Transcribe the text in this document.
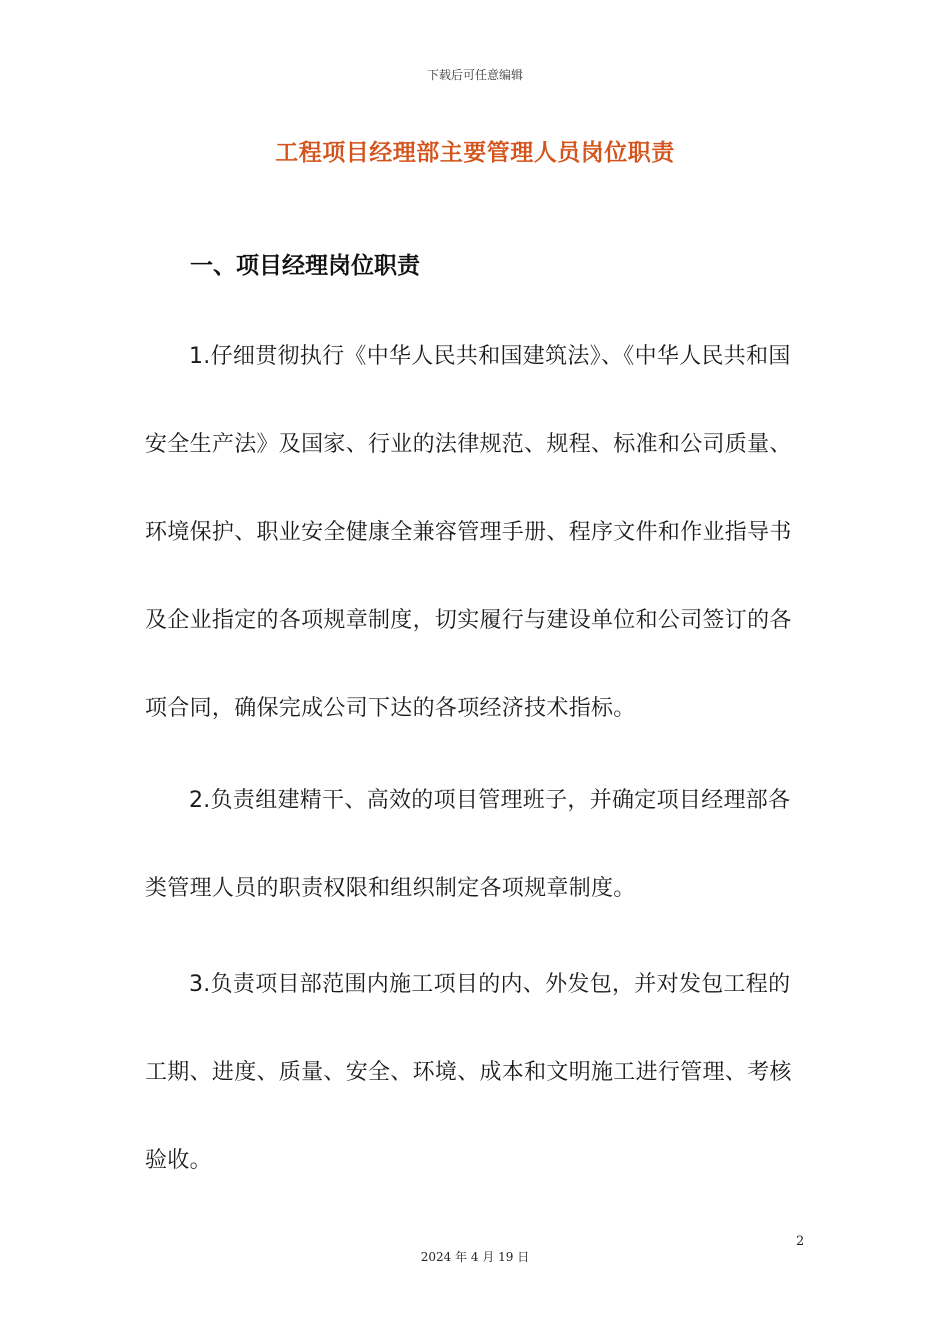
下载后可任意编辑
工程项目经理部主要管理人员岗位职责
一、项目经理岗位职责

1.仔细贯彻执行《中华人民共和国建筑法》、《中华人民共和国安全生产法》及国家、行业的法律规范、规程、标准和公司质量、环境保护、职业安全健康全兼容管理手册、程序文件和作业指导书及企业指定的各项规章制度，切实履行与建设单位和公司签订的各项合同，确保完成公司下达的各项经济技术指标。

2.负责组建精干、高效的项目管理班子，并确定项目经理部各类管理人员的职责权限和组织制定各项规章制度。

3.负责项目部范围内施工项目的内、外发包，并对发包工程的工期、进度、质量、安全、环境、成本和文明施工进行管理、考核验收。

2
2024 年 4 月 19 日
